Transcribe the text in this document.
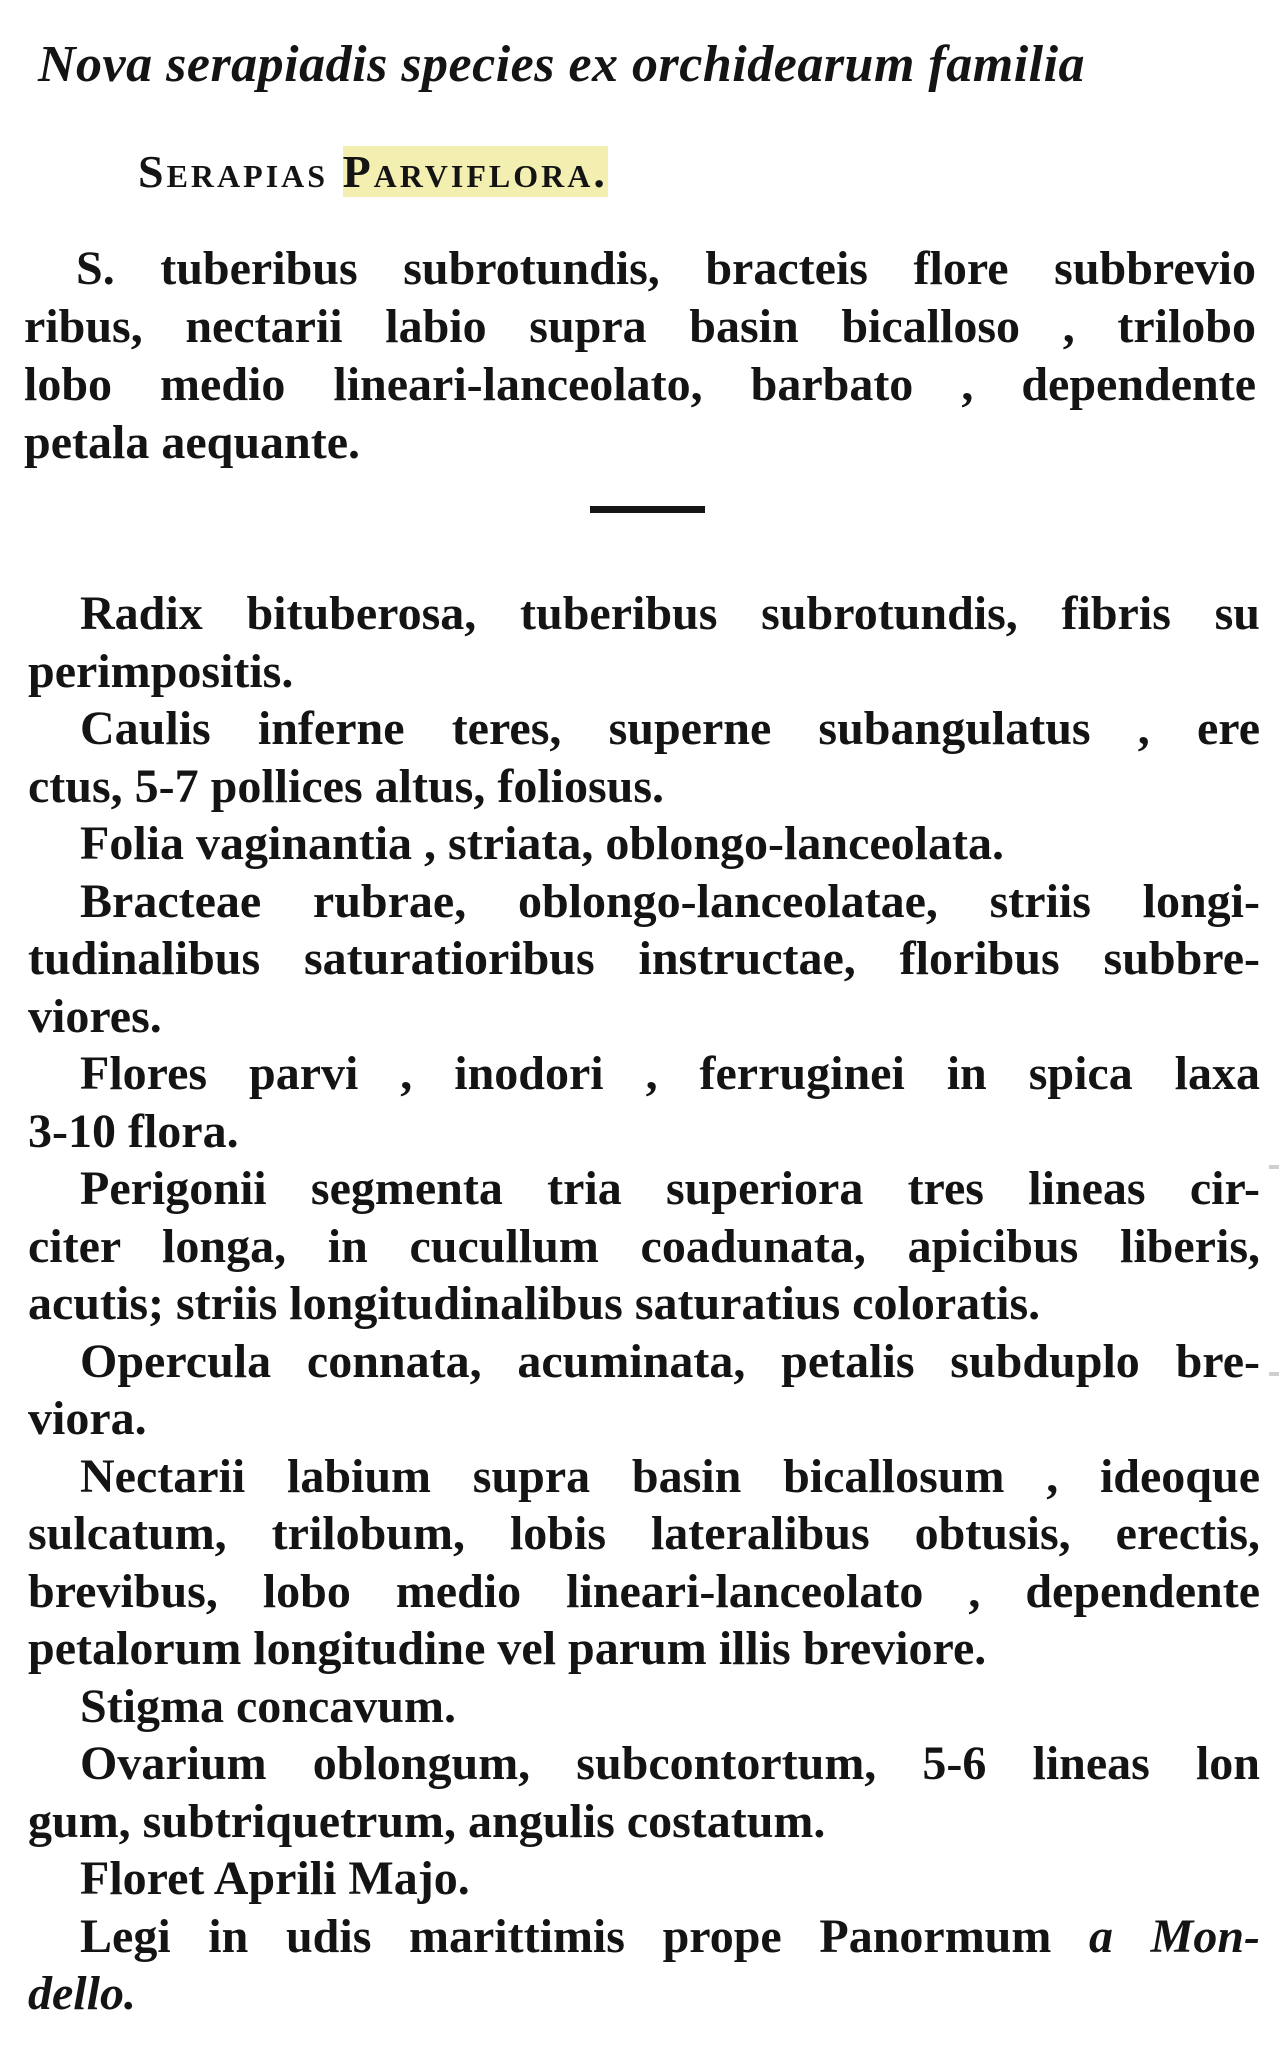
Nova serapiadis species ex orchidearum familia
Serapias Parviflora.
S. tuberibus subrotundis, bracteis flore subbrevio
ribus, nectarii labio supra basin bicalloso , trilobo
lobo medio lineari-lanceolato, barbato , dependente
petala aequante.
Radix bituberosa, tuberibus subrotundis, fibris su
perimpositis.
Caulis inferne teres, superne subangulatus , ere
ctus, 5-7 pollices altus, foliosus.
Folia vaginantia , striata, oblongo-lanceolata.
Bracteae rubrae, oblongo-lanceolatae, striis longi-
tudinalibus saturatioribus instructae, floribus subbre-
viores.
Flores parvi , inodori , ferruginei in spica laxa
3-10 flora.
Perigonii segmenta tria superiora tres lineas cir-
citer longa, in cucullum coadunata, apicibus liberis,
acutis; striis longitudinalibus saturatius coloratis.
Opercula connata, acuminata, petalis subduplo bre-
viora.
Nectarii labium supra basin bicallosum , ideoque
sulcatum, trilobum, lobis lateralibus obtusis, erectis,
brevibus, lobo medio lineari-lanceolato , dependente
petalorum longitudine vel parum illis breviore.
Stigma concavum.
Ovarium oblongum, subcontortum, 5-6 lineas lon
gum, subtriquetrum, angulis costatum.
Floret Aprili Majo.
Legi in udis marittimis prope Panormum a Mon-
dello.
